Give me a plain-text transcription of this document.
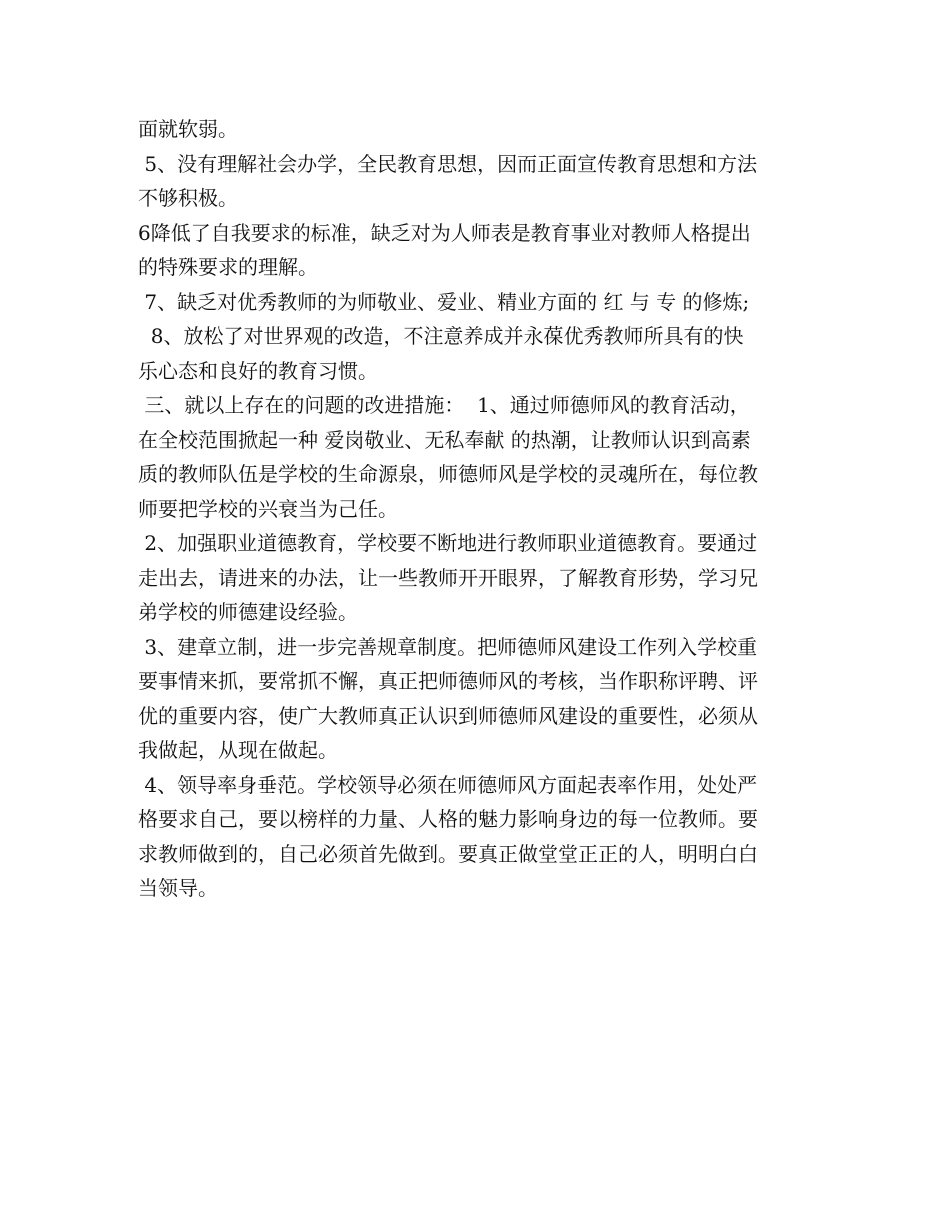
面就软弱。
5、没有理解社会办学，全民教育思想，因而正面宣传教育思想和方法
不够积极。
6降低了自我要求的标准，缺乏对为人师表是教育事业对教师人格提出
的特殊要求的理解。
7、缺乏对优秀教师的为师敬业、爱业、精业方面的 红 与 专 的修炼;
8、放松了对世界观的改造，不注意养成并永葆优秀教师所具有的快
乐心态和良好的教育习惯。
三、就以上存在的问题的改进措施：  1、通过师德师风的教育活动，
在全校范围掀起一种 爱岗敬业、无私奉献 的热潮，让教师认识到高素
质的教师队伍是学校的生命源泉，师德师风是学校的灵魂所在，每位教
师要把学校的兴衰当为己任。
2、加强职业道德教育，学校要不断地进行教师职业道德教育。要通过
走出去，请进来的办法，让一些教师开开眼界，了解教育形势，学习兄
弟学校的师德建设经验。
3、建章立制，进一步完善规章制度。把师德师风建设工作列入学校重
要事情来抓，要常抓不懈，真正把师德师风的考核，当作职称评聘、评
优的重要内容，使广大教师真正认识到师德师风建设的重要性，必须从
我做起，从现在做起。
4、领导率身垂范。学校领导必须在师德师风方面起表率作用，处处严
格要求自己，要以榜样的力量、人格的魅力影响身边的每一位教师。要
求教师做到的，自己必须首先做到。要真正做堂堂正正的人，明明白白
当领导。
